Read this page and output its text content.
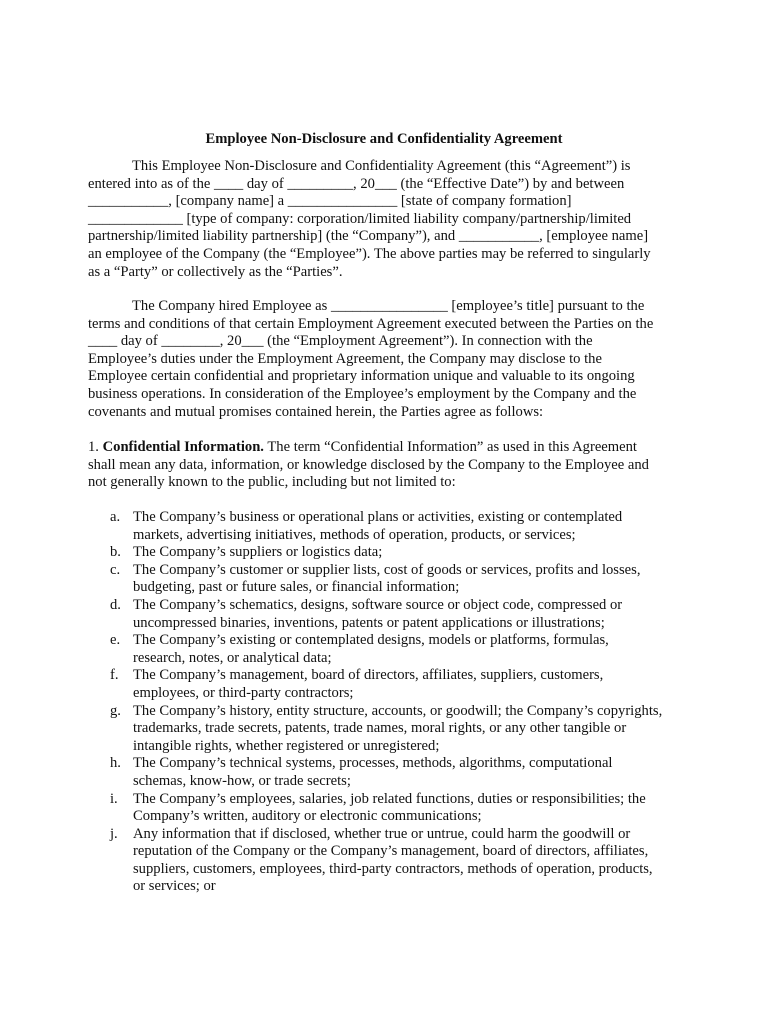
Employee Non-Disclosure and Confidentiality Agreement
This Employee Non-Disclosure and Confidentiality Agreement (this “Agreement”) is
entered into as of the ____ day of _________, 20___ (the “Effective Date”) by and between
___________, [company name] a _______________ [state of company formation]
_____________ [type of company: corporation/limited liability company/partnership/limited
partnership/limited liability partnership] (the “Company”), and ___________, [employee name]
an employee of the Company (the “Employee”). The above parties may be referred to singularly
as a “Party” or collectively as the “Parties”.
The Company hired Employee as ________________ [employee’s title] pursuant to the
terms and conditions of that certain Employment Agreement executed between the Parties on the
____ day of ________, 20___ (the “Employment Agreement”). In connection with the
Employee’s duties under the Employment Agreement, the Company may disclose to the
Employee certain confidential and proprietary information unique and valuable to its ongoing
business operations. In consideration of the Employee’s employment by the Company and the
covenants and mutual promises contained herein, the Parties agree as follows:
1. Confidential Information. The term “Confidential Information” as used in this Agreement
shall mean any data, information, or knowledge disclosed by the Company to the Employee and
not generally known to the public, including but not limited to:
a. The Company’s business or operational plans or activities, existing or contemplated
markets, advertising initiatives, methods of operation, products, or services;
b. The Company’s suppliers or logistics data;
c. The Company’s customer or supplier lists, cost of goods or services, profits and losses,
budgeting, past or future sales, or financial information;
d. The Company’s schematics, designs, software source or object code, compressed or
uncompressed binaries, inventions, patents or patent applications or illustrations;
e. The Company’s existing or contemplated designs, models or platforms, formulas,
research, notes, or analytical data;
f. The Company’s management, board of directors, affiliates, suppliers, customers,
employees, or third-party contractors;
g. The Company’s history, entity structure, accounts, or goodwill; the Company’s copyrights,
trademarks, trade secrets, patents, trade names, moral rights, or any other tangible or
intangible rights, whether registered or unregistered;
h. The Company’s technical systems, processes, methods, algorithms, computational
schemas, know-how, or trade secrets;
i. The Company’s employees, salaries, job related functions, duties or responsibilities; the
Company’s written, auditory or electronic communications;
j. Any information that if disclosed, whether true or untrue, could harm the goodwill or
reputation of the Company or the Company’s management, board of directors, affiliates,
suppliers, customers, employees, third-party contractors, methods of operation, products,
or services; or
